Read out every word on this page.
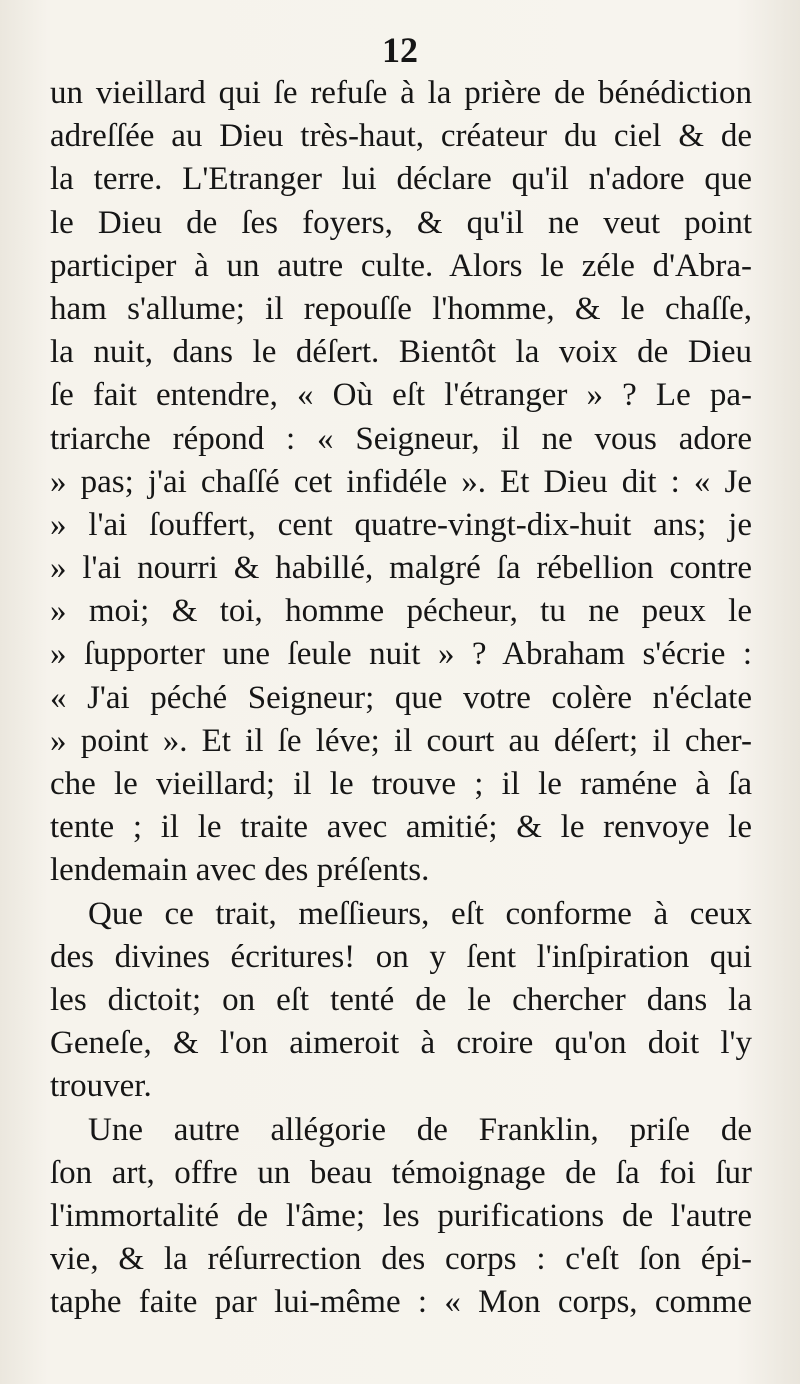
12
un vieillard qui ſe refuſe à la prière de bénédiction
adreſſée au Dieu très-haut, créateur du ciel & de
la terre. L'Etranger lui déclare qu'il n'adore que
le Dieu de ſes foyers, & qu'il ne veut point
participer à un autre culte. Alors le zéle d'Abra-
ham s'allume; il repouſſe l'homme, & le chaſſe,
la nuit, dans le déſert. Bientôt la voix de Dieu
ſe fait entendre, « Où eſt l'étranger » ? Le pa-
triarche répond : « Seigneur, il ne vous adore
» pas; j'ai chaſſé cet infidéle ». Et Dieu dit : « Je
» l'ai ſouffert, cent quatre-vingt-dix-huit ans; je
» l'ai nourri & habillé, malgré ſa rébellion contre
» moi; & toi, homme pécheur, tu ne peux le
» ſupporter une ſeule nuit » ? Abraham s'écrie :
« J'ai péché Seigneur; que votre colère n'éclate
» point ». Et il ſe léve; il court au déſert; il cher-
che le vieillard; il le trouve ; il le raméne à ſa
tente ; il le traite avec amitié; & le renvoye le
lendemain avec des préſents.
Que ce trait, meſſieurs, eſt conforme à ceux
des divines écritures! on y ſent l'inſpiration qui
les dictoit; on eſt tenté de le chercher dans la
Geneſe, & l'on aimeroit à croire qu'on doit l'y
trouver.
Une autre allégorie de Franklin, priſe de
ſon art, offre un beau témoignage de ſa foi ſur
l'immortalité de l'âme; les purifications de l'autre
vie, & la réſurrection des corps : c'eſt ſon épi-
taphe faite par lui-même : « Mon corps, comme
